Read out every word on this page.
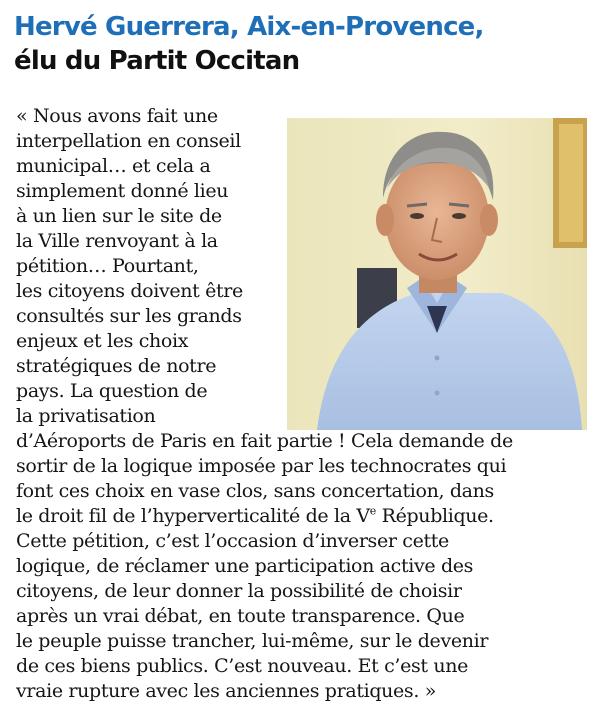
Hervé Guerrera, Aix-en-Provence,
élu du Partit Occitan
« Nous avons fait une
interpellation en conseil
municipal… et cela a
simplement donné lieu
à un lien sur le site de
la Ville renvoyant à la
pétition… Pourtant,
les citoyens doivent être
consultés sur les grands
enjeux et les choix
stratégiques de notre
pays. La question de
la privatisation
d’Aéroports de Paris en fait partie ! Cela demande de
sortir de la logique imposée par les technocrates qui
font ces choix en vase clos, sans concertation, dans
le droit fil de l’hyperverticalité de la Ve République.
Cette pétition, c’est l’occasion d’inverser cette
logique, de réclamer une participation active des
citoyens, de leur donner la possibilité de choisir
après un vrai débat, en toute transparence. Que
le peuple puisse trancher, lui-même, sur le devenir
de ces biens publics. C’est nouveau. Et c’est une
vraie rupture avec les anciennes pratiques. »
